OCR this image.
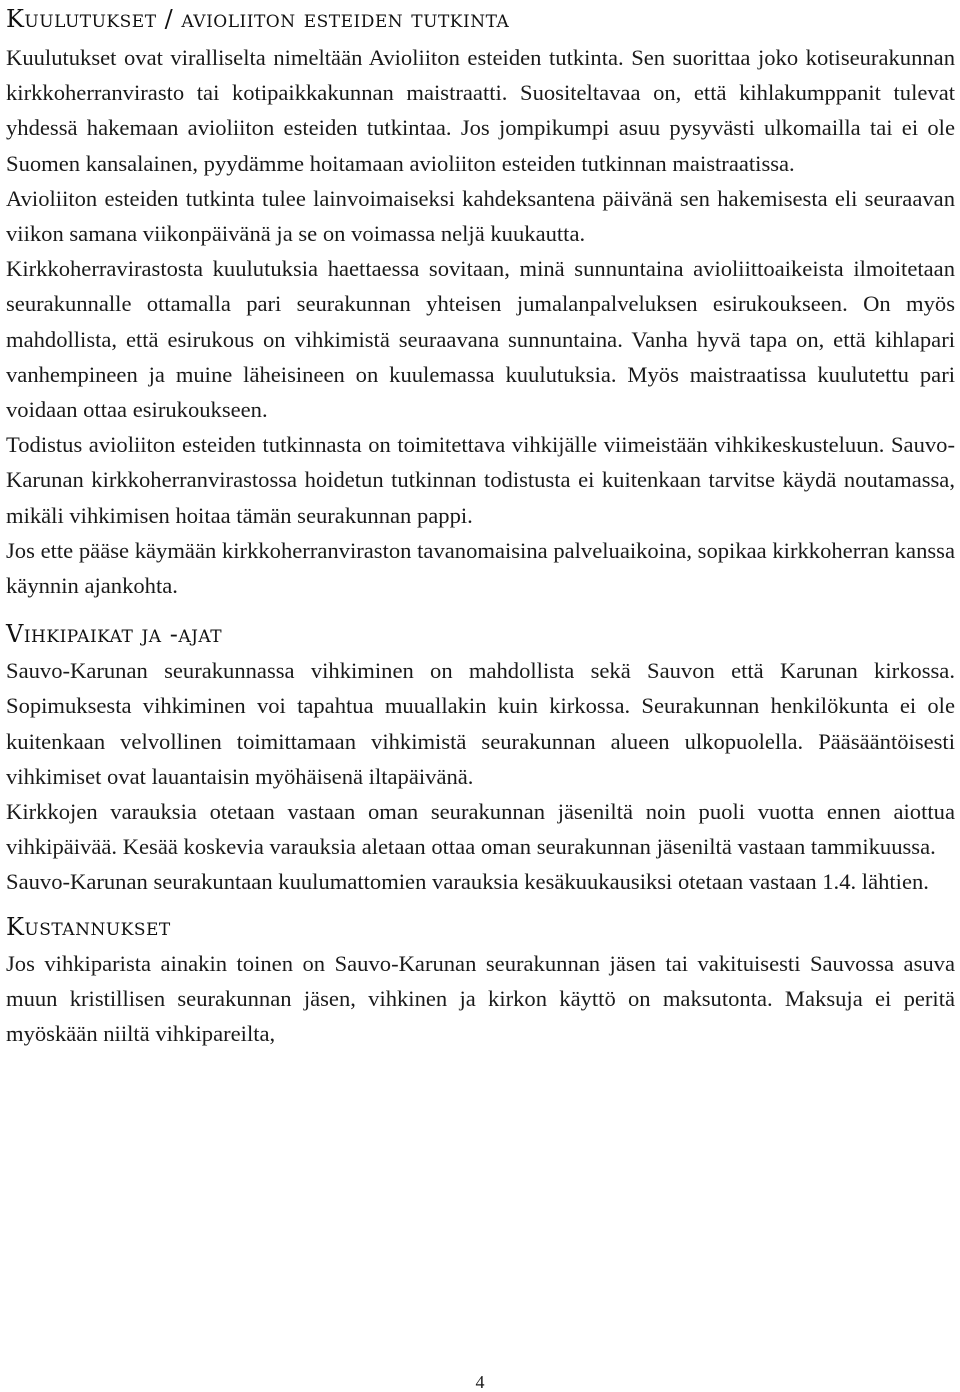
Kuulutukset / avioliiton esteiden tutkinta

Kuulutukset ovat viralliselta nimeltään Avioliiton esteiden tutkinta. Sen suorittaa joko kotiseurakunnan kirkkoherranvirasto tai kotipaikkakunnan maistraatti. Suositeltavaa on, että kihlakumppanit tulevat yhdessä hakemaan avioliiton esteiden tutkintaa. Jos jompikumpi asuu pysyvästi ulkomailla tai ei ole Suomen kansalainen, pyydämme hoitamaan avioliiton esteiden tutkinnan maistraatissa.

Avioliiton esteiden tutkinta tulee lainvoimaiseksi kahdeksantena päivänä sen hakemisesta eli seuraavan viikon samana viikonpäivänä ja se on voimassa neljä kuukautta.

Kirkkoherravirastosta kuulutuksia haettaessa sovitaan, minä sunnuntaina avioliittoaikeista ilmoitetaan seurakunnalle ottamalla pari seurakunnan yhteisen jumalanpalveluksen esirukoukseen. On myös mahdollista, että esirukous on vihkimistä seuraavana sunnuntaina. Vanha hyvä tapa on, että kihlapari vanhempineen ja muine läheisineen on kuulemassa kuulutuksia. Myös maistraatissa kuulutettu pari voidaan ottaa esirukoukseen.

Todistus avioliiton esteiden tutkinnasta on toimitettava vihkijälle viimeistään vihkikeskusteluun. Sauvo-Karunan kirkkoherranvirastossa hoidetun tutkinnan todistusta ei kuitenkaan tarvitse käydä noutamassa, mikäli vihkimisen hoitaa tämän seurakunnan pappi.

Jos ette pääse käymään kirkkoherranviraston tavanomaisina palveluaikoina, sopikaa kirkkoherran kanssa käynnin ajankohta.

Vihkipaikat ja -ajat

Sauvo-Karunan seurakunnassa vihkiminen on mahdollista sekä Sauvon että Karunan kirkossa. Sopimuksesta vihkiminen voi tapahtua muuallakin kuin kirkossa. Seurakunnan henkilökunta ei ole kuitenkaan velvollinen toimittamaan vihkimistä seurakunnan alueen ulkopuolella. Pääsääntöisesti vihkimiset ovat lauantaisin myöhäisenä iltapäivänä.

Kirkkojen varauksia otetaan vastaan oman seurakunnan jäseniltä noin puoli vuotta ennen aiottua vihkipäivää. Kesää koskevia varauksia aletaan ottaa oman seurakunnan jäseniltä vastaan tammikuussa.

Sauvo-Karunan seurakuntaan kuulumattomien varauksia kesäkuukausiksi otetaan vastaan 1.4. lähtien.

Kustannukset

Jos vihkiparista ainakin toinen on Sauvo-Karunan seurakunnan jäsen tai vakituisesti Sauvossa asuva muun kristillisen seurakunnan jäsen, vihkinen ja kirkon käyttö on maksutonta. Maksuja ei peritä myöskään niiltä vihkipareilta,

4
